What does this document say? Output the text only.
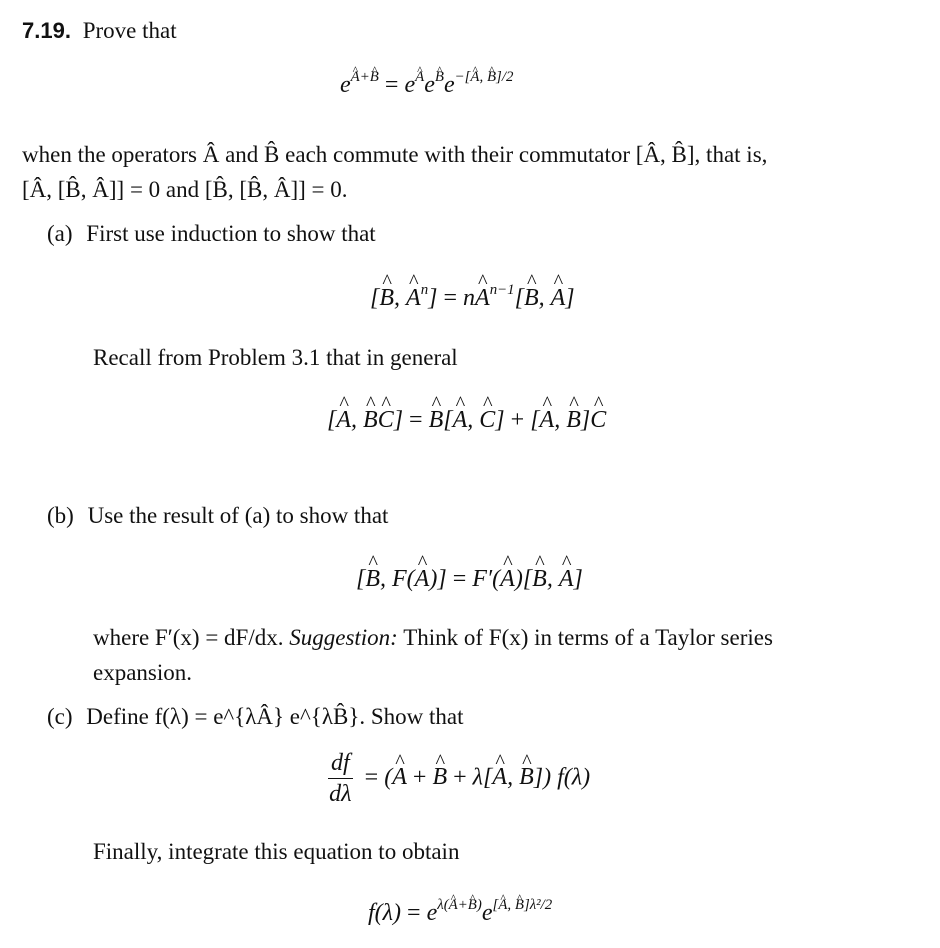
7.19. Prove that
$e^{A+B} = e^Ae^Be^{-[A, B]/2}$
when the operators Â and B̂ each commute with their commutator [Â, B̂], that is,
[Â, [B̂, Â]] = 0 and [B̂, [B̂, Â]] = 0.
(a) First use induction to show that
[^ B, ^ $A^n$] = n^ $A^{n-1}[\^{}$ B, ^ A]
Recall from Problem 3.1 that in general
[^ A, ^ B^ C] = ^ B[^ A, ^ C] + [^ A, ^ B]^ C
(b) Use the result of (a) to show that
[^ B, F(^ A)] = F′(^ A)[^ B, ^ A]
where F′(x) = dF/dx. Suggestion: Think of F(x) in terms of a Taylor series
expansion.
(c) Define f(λ) = e^{λÂ} e^{λB̂}. Show that
$\frac{df}{d\lambda}$ = (^ A + ^ B + λ[^ A, ^ B]) f(λ)
Finally, integrate this equation to obtain
$f(\lambda) = e^{\lambda(A+B)}e^{[A, B]\lambda^2/2}$
